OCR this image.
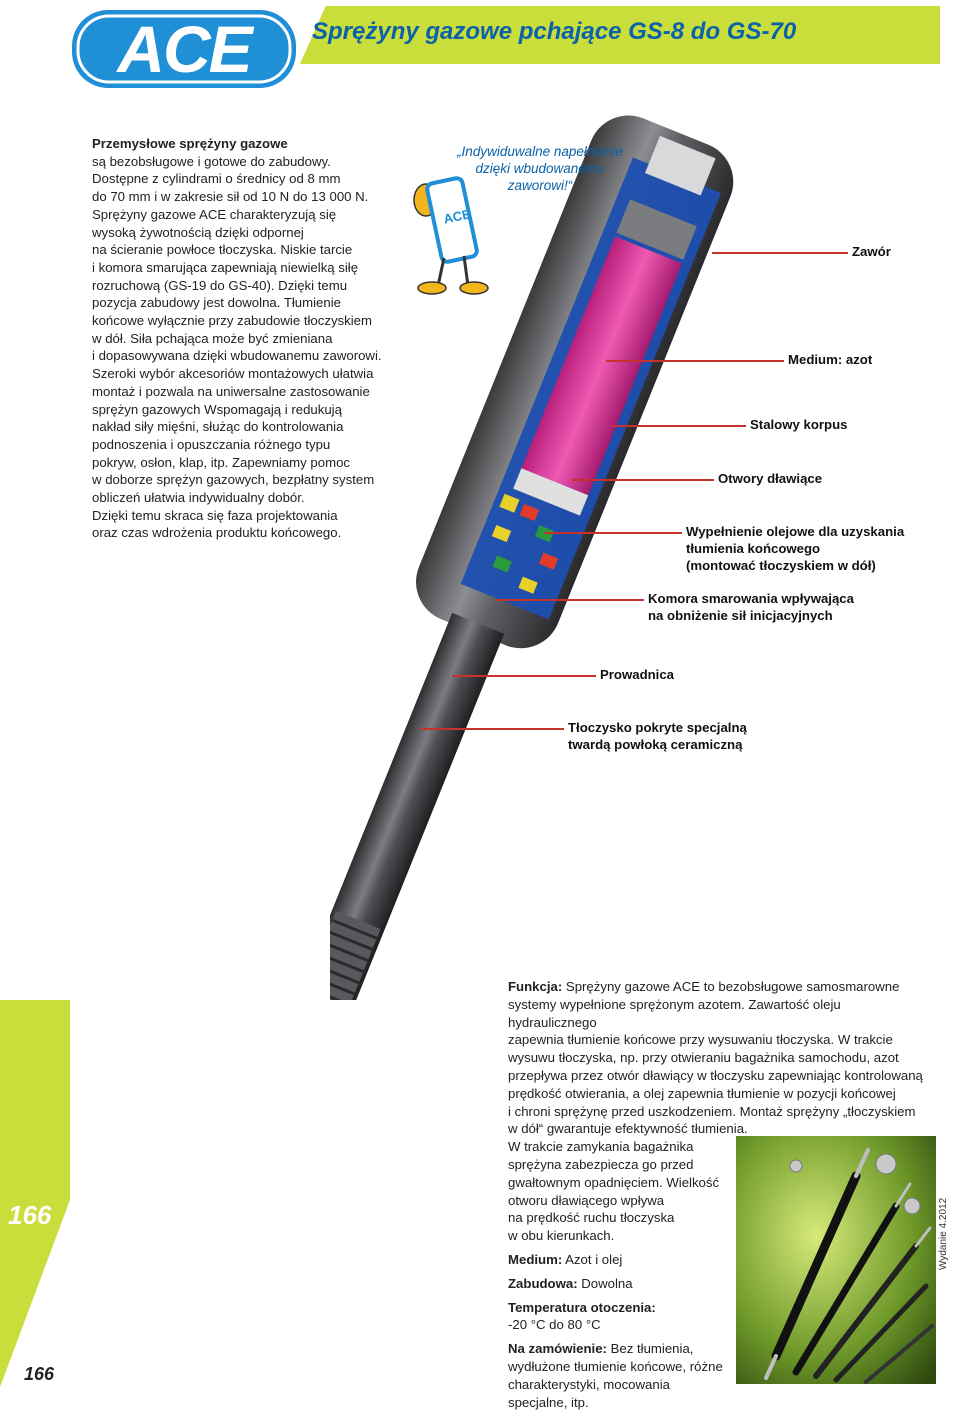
ACE	Sprężyny gazowe pchające GS-8 do GS-70
166
166
Przemysłowe sprężyny gazowe
są bezobsługowe i gotowe do zabudowy.
Dostępne z cylindrami o średnicy od 8 mm
do 70 mm i w zakresie sił od 10 N do 13 000 N.
Sprężyny gazowe ACE charakteryzują się
wysoką żywotnością dzięki odpornej
na ścieranie powłoce tłoczyska. Niskie tarcie
i komora smarująca zapewniają niewielką siłę
rozruchową (GS-19 do GS-40). Dzięki temu
pozycja zabudowy jest dowolna. Tłumienie
końcowe wyłącznie przy zabudowie tłoczyskiem
w dół. Siła pchająca może być zmieniana
i dopasowywana dzięki wbudowanemu zaworowi.
Szeroki wybór akcesoriów montażowych ułatwia
montaż i pozwala na uniwersalne zastosowanie
sprężyn gazowych Wspomagają i redukują
nakład siły mięśni, służąc do kontrolowania
podnoszenia i opuszczania różnego typu
pokryw, osłon, klap, itp. Zapewniamy pomoc
w doborze sprężyn gazowych, bezpłatny system
obliczeń ułatwia indywidualny dobór.
Dzięki temu skraca się faza projektowania
oraz czas wdrożenia produktu końcowego.
ACE
„Indywiduwalne napełnianie
dzięki wbudowanemu
zaworowi!“
Zawór
Medium: azot
Stalowy korpus
Otwory dławiące
Wypełnienie olejowe dla uzyskania
tłumienia końcowego
(montować tłoczyskiem w dół)
Komora smarowania wpływająca
na obniżenie sił inicjacyjnych
Prowadnica
Tłoczysko pokryte specjalną
twardą powłoką ceramiczną
Funkcja: Sprężyny gazowe ACE to bezobsługowe samosmarowne
systemy wypełnione sprężonym azotem. Zawartość oleju hydraulicznego
zapewnia tłumienie końcowe przy wysuwaniu tłoczyska. W trakcie
wysuwu tłoczyska, np. przy otwieraniu bagażnika samochodu, azot
przepływa przez otwór dławiący w tłoczysku zapewniając kontrolowaną
prędkość otwierania, a olej zapewnia tłumienie w pozycji końcowej
i chroni sprężynę przed uszkodzeniem. Montaż sprężyny „tłoczyskiem
w dół“ gwarantuje efektywność tłumienia.
W trakcie zamykania bagażnika
sprężyna zabezpiecza go przed
gwałtownym opadnięciem. Wielkość
otworu dławiącego wpływa
na prędkość ruchu tłoczyska
w obu kierunkach.
Medium: Azot i olej
Zabudowa: Dowolna
Temperatura otoczenia:
-20 °C do 80 °C
Na zamówienie: Bez tłumienia,
wydłużone tłumienie końcowe, różne
charakterystyki, mocowania
specjalne, itp.
Wydanie 4.2012
